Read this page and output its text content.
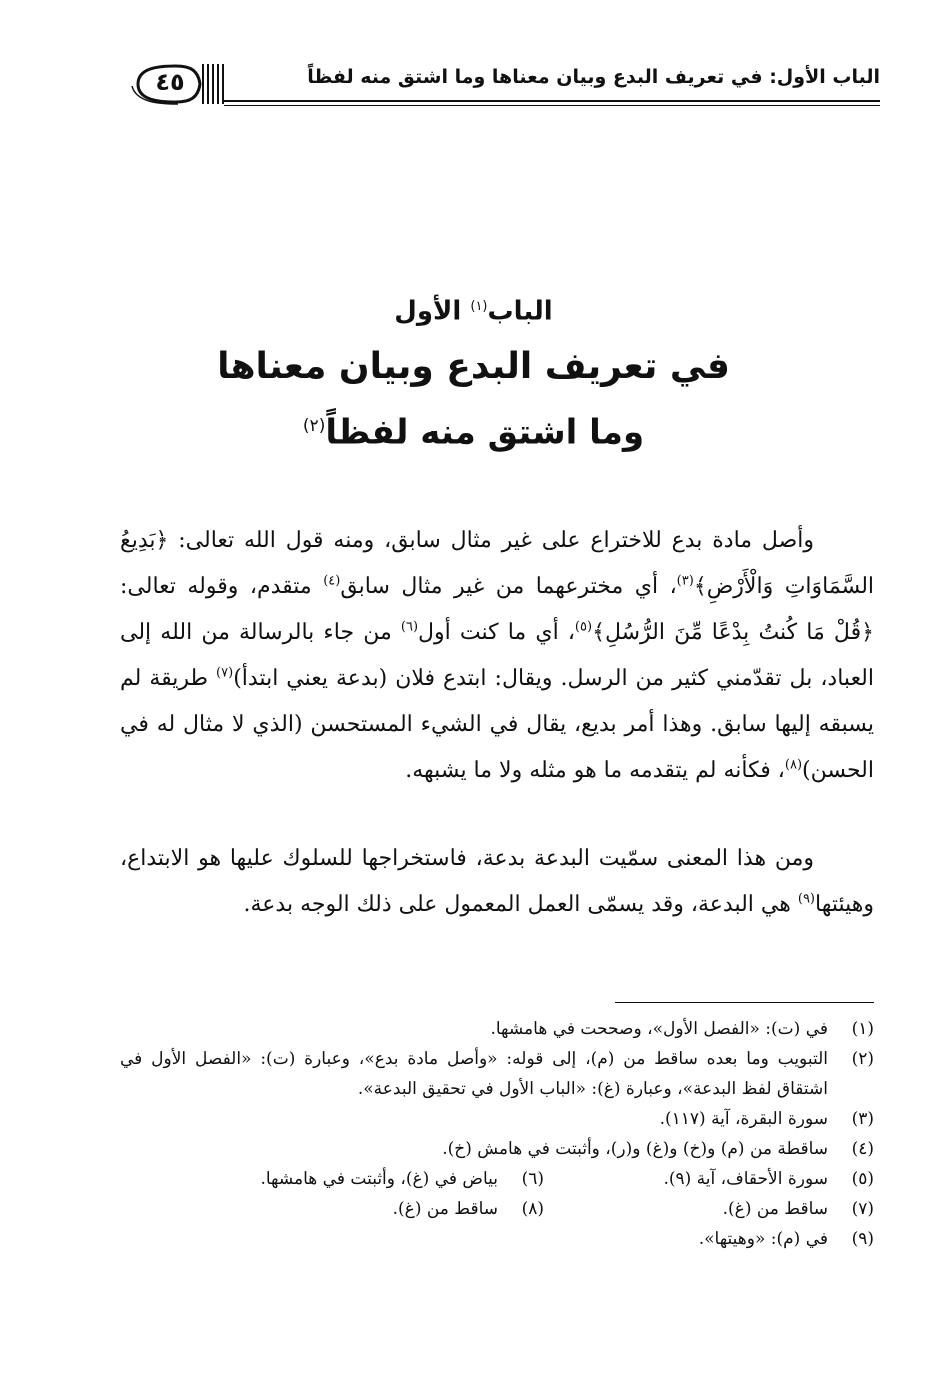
٤٥	الباب الأول: في تعريف البدع وبيان معناها وما اشتق منه لفظاً
الباب$^{(١)}$ الأول
في تعريف البدع وبيان معناها
وما اشتق منه لفظاً$^{(٢)}$
وأصل مادة بدع للاختراع على غير مثال سابق، ومنه قول الله تعالى: ﴿بَدِيعُ السَّمَاوَاتِ وَالْأَرْضِ﴾$^{(٣)}$، أي مخترعهما من غير مثال سابق$^{(٤)}$ متقدم، وقوله تعالى: ﴿قُلْ مَا كُنتُ بِدْعًا مِّنَ الرُّسُلِ﴾$^{(٥)}$، أي ما كنت أول$^{(٦)}$ من جاء بالرسالة من الله إلى العباد، بل تقدّمني كثير من الرسل. ويقال: ابتدع فلان (بدعة يعني ابتدأ)$^{(٧)}$ طريقة لم يسبقه إليها سابق. وهذا أمر بديع، يقال في الشيء المستحسن (الذي لا مثال له في الحسن)$^{(٨)}$، فكأنه لم يتقدمه ما هو مثله ولا ما يشبهه.
ومن هذا المعنى سمّيت البدعة بدعة، فاستخراجها للسلوك عليها هو الابتداع، وهيئتها$^{(٩)}$ هي البدعة، وقد يسمّى العمل المعمول على ذلك الوجه بدعة.
(١)
في (ت): «الفصل الأول»، وصححت في هامشها.
(٢)
التبويب وما بعده ساقط من (م)، إلى قوله: «وأصل مادة بدع»، وعبارة (ت): «الفصل الأول في اشتقاق لفظ البدعة»، وعبارة (غ): «الباب الأول في تحقيق البدعة».
(٣)
سورة البقرة، آية (١١٧).
(٤)
ساقطة من (م) و(خ) و(غ) و(ر)، وأثبتت في هامش (خ).
(٥)
سورة الأحقاف، آية (٩).
(٦)
بياض في (غ)، وأثبتت في هامشها.
(٧)
ساقط من (غ).
(٨)
ساقط من (غ).
(٩)
في (م): «وهيتها».
